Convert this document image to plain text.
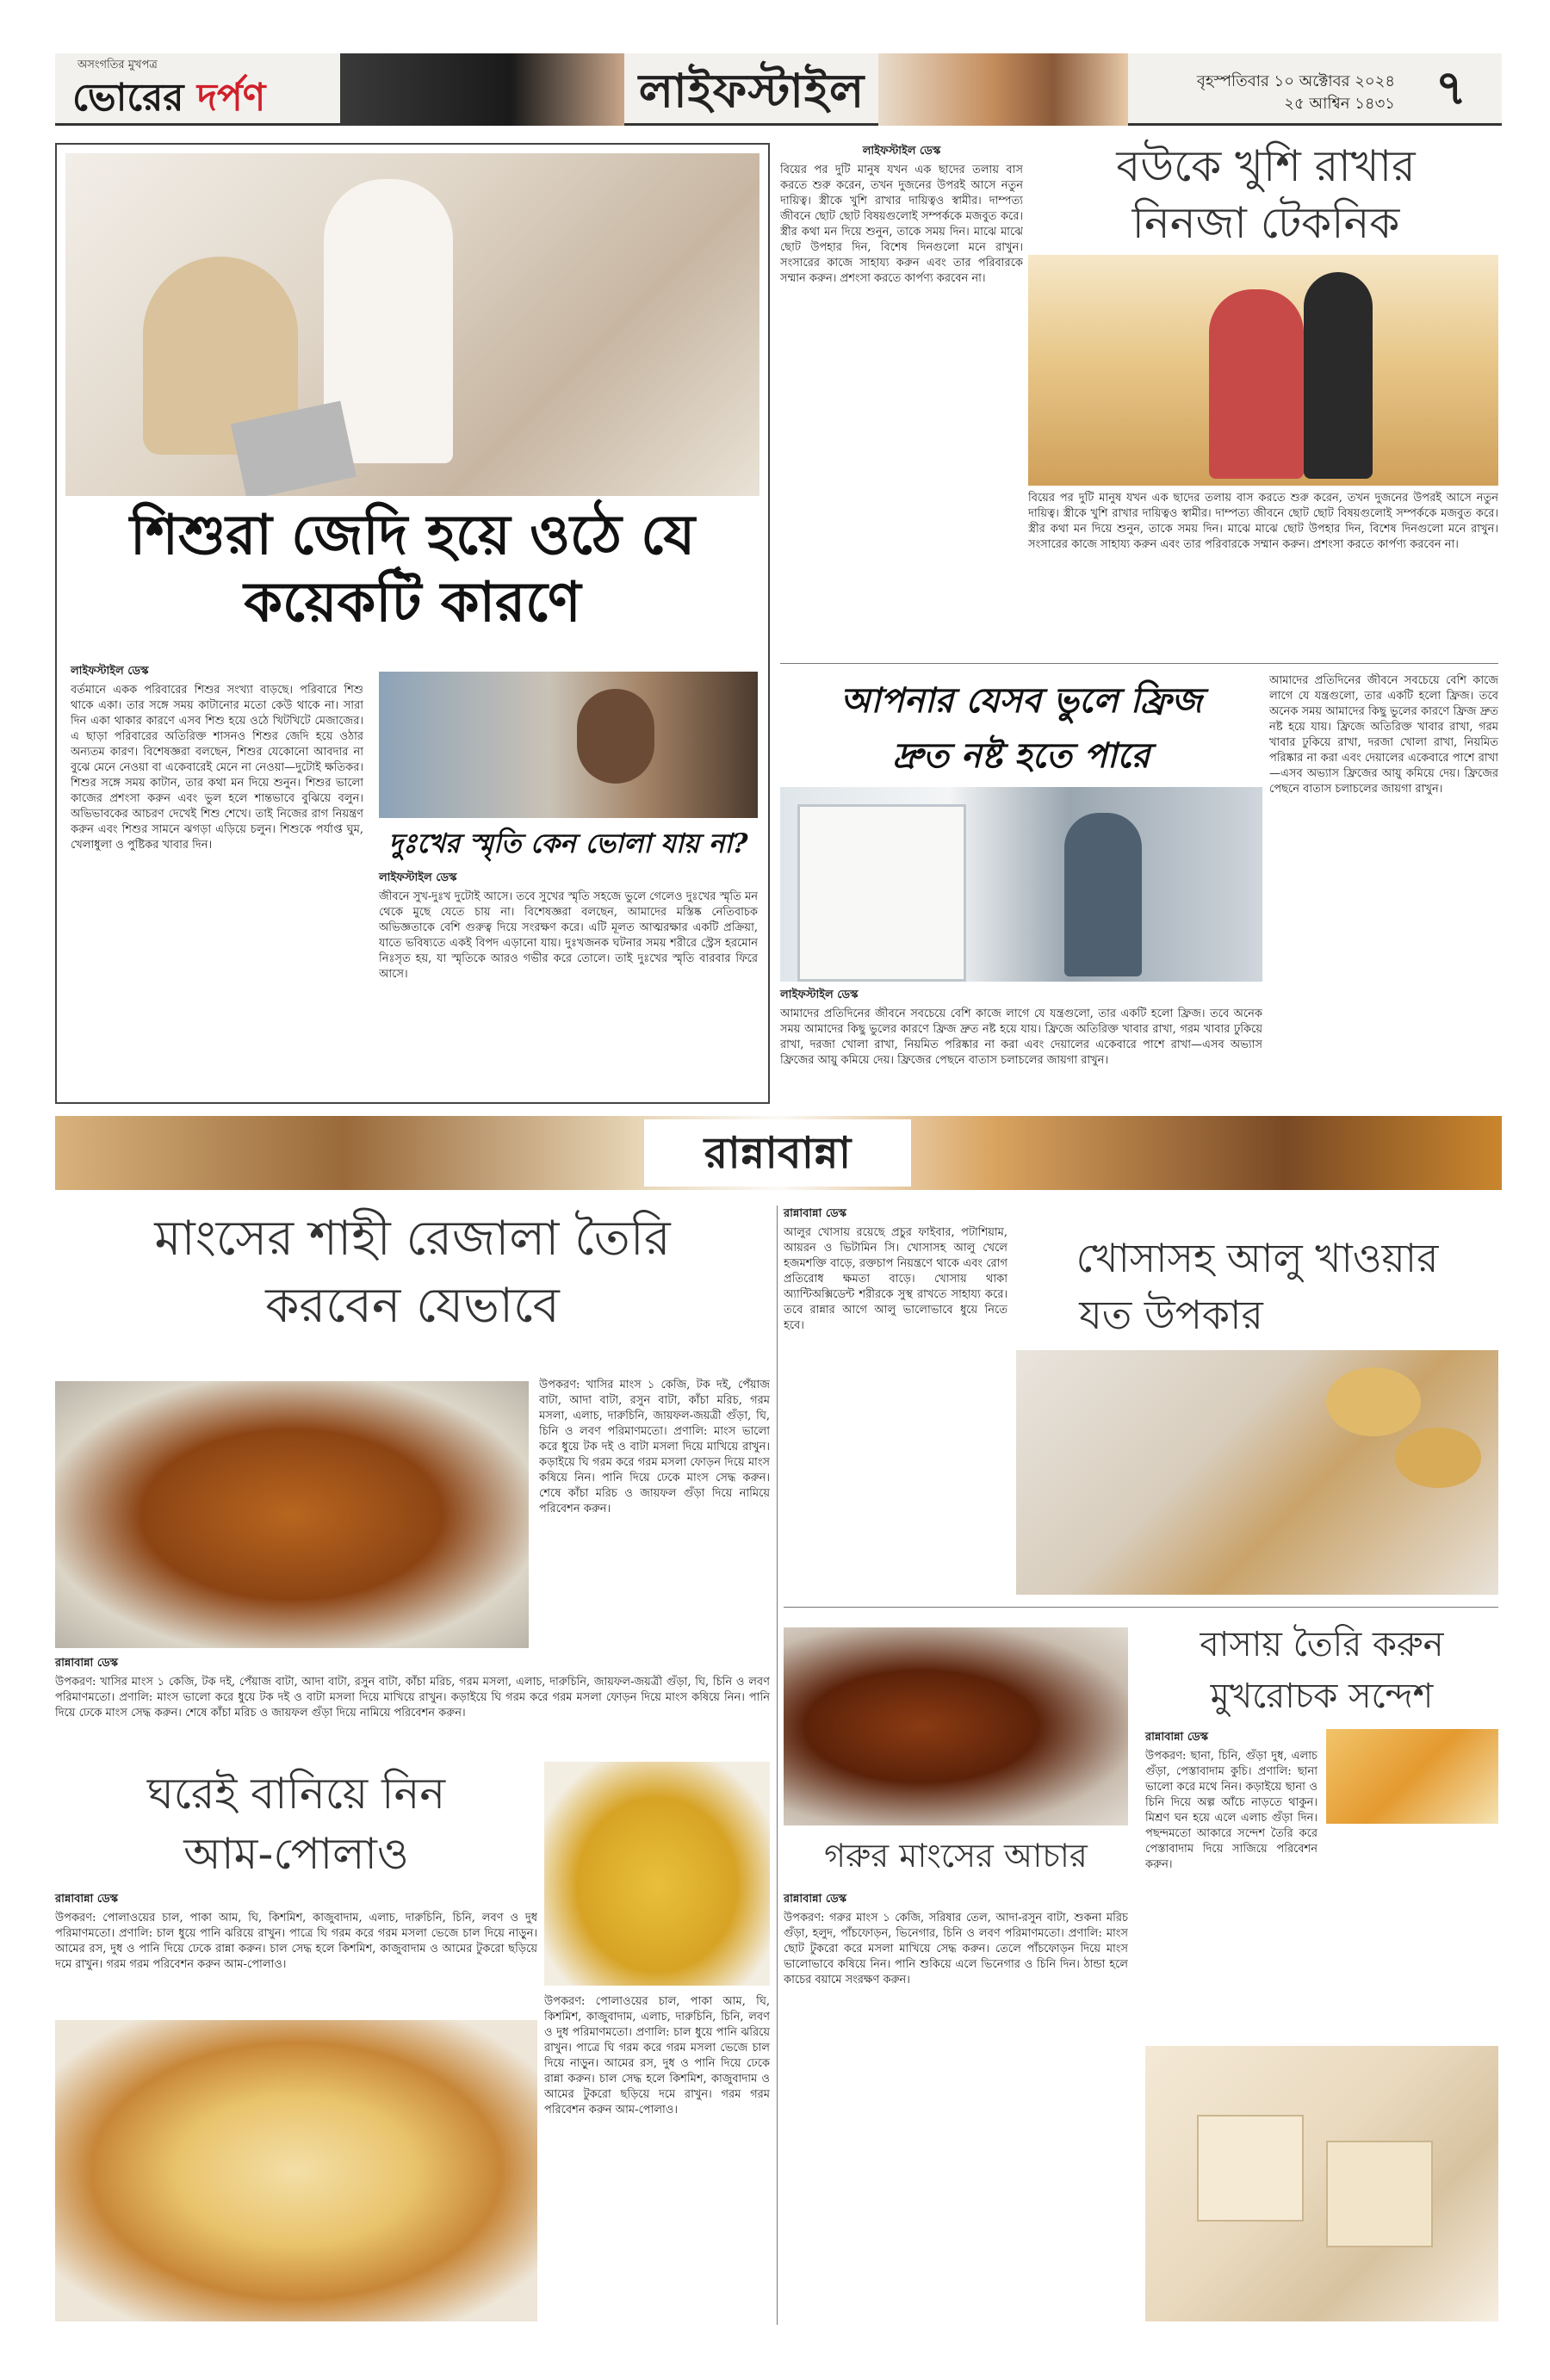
অসংগতির মুখপত্র
ভোরের দর্পণ	লাইফস্টাইল	বৃহস্পতিবার ১০ অক্টোবর ২০২৪
২৫ আশ্বিন ১৪৩১ ৭
শিশুরা জেদি হয়ে ওঠে যে
কয়েকটি কারণে
লাইফস্টাইল ডেস্ক
বর্তমানে একক পরিবারের শিশুর সংখ্যা বাড়ছে। পরিবারে শিশু থাকে একা। তার সঙ্গে সময় কাটানোর মতো কেউ থাকে না। সারা দিন একা থাকার কারণে এসব শিশু হয়ে ওঠে খিটখিটে মেজাজের। এ ছাড়া পরিবারের অতিরিক্ত শাসনও শিশুর জেদি হয়ে ওঠার অন্যতম কারণ। বিশেষজ্ঞরা বলছেন, শিশুর যেকোনো আবদার না বুঝে মেনে নেওয়া বা একেবারেই মেনে না নেওয়া—দুটোই ক্ষতিকর। শিশুর সঙ্গে সময় কাটান, তার কথা মন দিয়ে শুনুন। শিশুর ভালো কাজের প্রশংসা করুন এবং ভুল হলে শান্তভাবে বুঝিয়ে বলুন। অভিভাবকের আচরণ দেখেই শিশু শেখে। তাই নিজের রাগ নিয়ন্ত্রণ করুন এবং শিশুর সামনে ঝগড়া এড়িয়ে চলুন। শিশুকে পর্যাপ্ত ঘুম, খেলাধুলা ও পুষ্টিকর খাবার দিন।	দুঃখের স্মৃতি কেন ভোলা যায় না?
লাইফস্টাইল ডেস্ক
জীবনে সুখ-দুঃখ দুটোই আসে। তবে সুখের স্মৃতি সহজে ভুলে গেলেও দুঃখের স্মৃতি মন থেকে মুছে যেতে চায় না। বিশেষজ্ঞরা বলছেন, আমাদের মস্তিষ্ক নেতিবাচক অভিজ্ঞতাকে বেশি গুরুত্ব দিয়ে সংরক্ষণ করে। এটি মূলত আত্মরক্ষার একটি প্রক্রিয়া, যাতে ভবিষ্যতে একই বিপদ এড়ানো যায়। দুঃখজনক ঘটনার সময় শরীরে স্ট্রেস হরমোন নিঃসৃত হয়, যা স্মৃতিকে আরও গভীর করে তোলে। তাই দুঃখের স্মৃতি বারবার ফিরে আসে।
লাইফস্টাইল ডেস্ক
বিয়ের পর দুটি মানুষ যখন এক ছাদের তলায় বাস করতে শুরু করেন, তখন দুজনের উপরই আসে নতুন দায়িত্ব। স্ত্রীকে খুশি রাখার দায়িত্বও স্বামীর। দাম্পত্য জীবনে ছোট ছোট বিষয়গুলোই সম্পর্ককে মজবুত করে। স্ত্রীর কথা মন দিয়ে শুনুন, তাকে সময় দিন। মাঝে মাঝে ছোট উপহার দিন, বিশেষ দিনগুলো মনে রাখুন। সংসারের কাজে সাহায্য করুন এবং তার পরিবারকে সম্মান করুন। প্রশংসা করতে কার্পণ্য করবেন না।
বউকে খুশি রাখার
নিনজা টেকনিক
বিয়ের পর দুটি মানুষ যখন এক ছাদের তলায় বাস করতে শুরু করেন, তখন দুজনের উপরই আসে নতুন দায়িত্ব। স্ত্রীকে খুশি রাখার দায়িত্বও স্বামীর। দাম্পত্য জীবনে ছোট ছোট বিষয়গুলোই সম্পর্ককে মজবুত করে। স্ত্রীর কথা মন দিয়ে শুনুন, তাকে সময় দিন। মাঝে মাঝে ছোট উপহার দিন, বিশেষ দিনগুলো মনে রাখুন। সংসারের কাজে সাহায্য করুন এবং তার পরিবারকে সম্মান করুন। প্রশংসা করতে কার্পণ্য করবেন না।
আপনার যেসব ভুলে ফ্রিজ
দ্রুত নষ্ট হতে পারে
আমাদের প্রতিদিনের জীবনে সবচেয়ে বেশি কাজে লাগে যে যন্ত্রগুলো, তার একটি হলো ফ্রিজ। তবে অনেক সময় আমাদের কিছু ভুলের কারণে ফ্রিজ দ্রুত নষ্ট হয়ে যায়। ফ্রিজে অতিরিক্ত খাবার রাখা, গরম খাবার ঢুকিয়ে রাখা, দরজা খোলা রাখা, নিয়মিত পরিষ্কার না করা এবং দেয়ালের একেবারে পাশে রাখা—এসব অভ্যাস ফ্রিজের আয়ু কমিয়ে দেয়। ফ্রিজের পেছনে বাতাস চলাচলের জায়গা রাখুন।
লাইফস্টাইল ডেস্ক
আমাদের প্রতিদিনের জীবনে সবচেয়ে বেশি কাজে লাগে যে যন্ত্রগুলো, তার একটি হলো ফ্রিজ। তবে অনেক সময় আমাদের কিছু ভুলের কারণে ফ্রিজ দ্রুত নষ্ট হয়ে যায়। ফ্রিজে অতিরিক্ত খাবার রাখা, গরম খাবার ঢুকিয়ে রাখা, দরজা খোলা রাখা, নিয়মিত পরিষ্কার না করা এবং দেয়ালের একেবারে পাশে রাখা—এসব অভ্যাস ফ্রিজের আয়ু কমিয়ে দেয়। ফ্রিজের পেছনে বাতাস চলাচলের জায়গা রাখুন।
রান্নাবান্না
মাংসের শাহী রেজালা তৈরি
করবেন যেভাবে
উপকরণ: খাসির মাংস ১ কেজি, টক দই, পেঁয়াজ বাটা, আদা বাটা, রসুন বাটা, কাঁচা মরিচ, গরম মসলা, এলাচ, দারুচিনি, জায়ফল-জয়ত্রী গুঁড়া, ঘি, চিনি ও লবণ পরিমাণমতো। প্রণালি: মাংস ভালো করে ধুয়ে টক দই ও বাটা মসলা দিয়ে মাখিয়ে রাখুন। কড়াইয়ে ঘি গরম করে গরম মসলা ফোড়ন দিয়ে মাংস কষিয়ে নিন। পানি দিয়ে ঢেকে মাংস সেদ্ধ করুন। শেষে কাঁচা মরিচ ও জায়ফল গুঁড়া দিয়ে নামিয়ে পরিবেশন করুন।
রান্নাবান্না ডেস্ক
উপকরণ: খাসির মাংস ১ কেজি, টক দই, পেঁয়াজ বাটা, আদা বাটা, রসুন বাটা, কাঁচা মরিচ, গরম মসলা, এলাচ, দারুচিনি, জায়ফল-জয়ত্রী গুঁড়া, ঘি, চিনি ও লবণ পরিমাণমতো। প্রণালি: মাংস ভালো করে ধুয়ে টক দই ও বাটা মসলা দিয়ে মাখিয়ে রাখুন। কড়াইয়ে ঘি গরম করে গরম মসলা ফোড়ন দিয়ে মাংস কষিয়ে নিন। পানি দিয়ে ঢেকে মাংস সেদ্ধ করুন। শেষে কাঁচা মরিচ ও জায়ফল গুঁড়া দিয়ে নামিয়ে পরিবেশন করুন।
রান্নাবান্না ডেস্ক
আলুর খোসায় রয়েছে প্রচুর ফাইবার, পটাশিয়াম, আয়রন ও ভিটামিন সি। খোসাসহ আলু খেলে হজমশক্তি বাড়ে, রক্তচাপ নিয়ন্ত্রণে থাকে এবং রোগ প্রতিরোধ ক্ষমতা বাড়ে। খোসায় থাকা অ্যান্টিঅক্সিডেন্ট শরীরকে সুস্থ রাখতে সাহায্য করে। তবে রান্নার আগে আলু ভালোভাবে ধুয়ে নিতে হবে।
খোসাসহ আলু খাওয়ার
যত উপকার
গরুর মাংসের আচার
রান্নাবান্না ডেস্ক
উপকরণ: গরুর মাংস ১ কেজি, সরিষার তেল, আদা-রসুন বাটা, শুকনা মরিচ গুঁড়া, হলুদ, পাঁচফোড়ন, ভিনেগার, চিনি ও লবণ পরিমাণমতো। প্রণালি: মাংস ছোট টুকরো করে মসলা মাখিয়ে সেদ্ধ করুন। তেলে পাঁচফোড়ন দিয়ে মাংস ভালোভাবে কষিয়ে নিন। পানি শুকিয়ে এলে ভিনেগার ও চিনি দিন। ঠান্ডা হলে কাচের বয়ামে সংরক্ষণ করুন।
বাসায় তৈরি করুন
মুখরোচক সন্দেশ
রান্নাবান্না ডেস্ক
উপকরণ: ছানা, চিনি, গুঁড়া দুধ, এলাচ গুঁড়া, পেস্তাবাদাম কুচি। প্রণালি: ছানা ভালো করে মথে নিন। কড়াইয়ে ছানা ও চিনি দিয়ে অল্প আঁচে নাড়তে থাকুন। মিশ্রণ ঘন হয়ে এলে এলাচ গুঁড়া দিন। পছন্দমতো আকারে সন্দেশ তৈরি করে পেস্তাবাদাম দিয়ে সাজিয়ে পরিবেশন করুন।
ঘরেই বানিয়ে নিন
আম-পোলাও
রান্নাবান্না ডেস্ক
উপকরণ: পোলাওয়ের চাল, পাকা আম, ঘি, কিশমিশ, কাজুবাদাম, এলাচ, দারুচিনি, চিনি, লবণ ও দুধ পরিমাণমতো। প্রণালি: চাল ধুয়ে পানি ঝরিয়ে রাখুন। পাত্রে ঘি গরম করে গরম মসলা ভেজে চাল দিয়ে নাড়ুন। আমের রস, দুধ ও পানি দিয়ে ঢেকে রান্না করুন। চাল সেদ্ধ হলে কিশমিশ, কাজুবাদাম ও আমের টুকরো ছড়িয়ে দমে রাখুন। গরম গরম পরিবেশন করুন আম-পোলাও।
উপকরণ: পোলাওয়ের চাল, পাকা আম, ঘি, কিশমিশ, কাজুবাদাম, এলাচ, দারুচিনি, চিনি, লবণ ও দুধ পরিমাণমতো। প্রণালি: চাল ধুয়ে পানি ঝরিয়ে রাখুন। পাত্রে ঘি গরম করে গরম মসলা ভেজে চাল দিয়ে নাড়ুন। আমের রস, দুধ ও পানি দিয়ে ঢেকে রান্না করুন। চাল সেদ্ধ হলে কিশমিশ, কাজুবাদাম ও আমের টুকরো ছড়িয়ে দমে রাখুন। গরম গরম পরিবেশন করুন আম-পোলাও।
